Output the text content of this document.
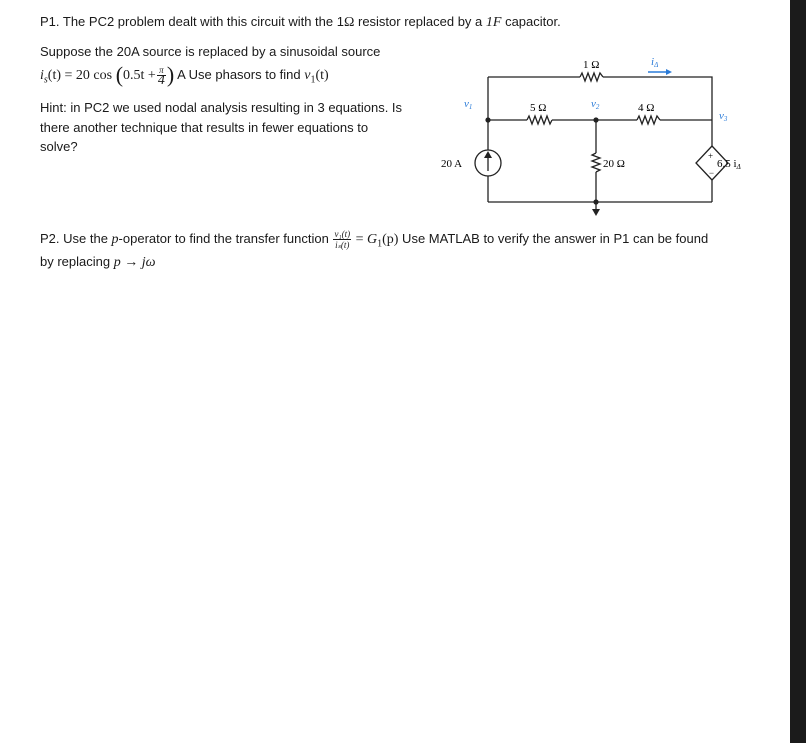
P1. The PC2 problem dealt with this circuit with the 1Ω resistor replaced by a 1F capacitor.
Suppose the 20A source is replaced by a sinusoidal source
$i_s(t) = 20$ $\cos (0.5t + \frac{\pi}{4}$ ) A Use phasors to find $v_1(t)$
Hint: in PC2 we used nodal analysis resulting in 3 equations. Is
there another technique that results in fewer equations to
solve?
1 Ω
5 Ω	4 Ω
20 Ω
20 A
iΔ
v1	v2
v3
6.5 iΔ
+
−
P2. Use the p-operator to find the transfer function $\frac{\text{v₁(t)}}{\text{iₛ(t)}} = G_1(p)$ Use MATLAB to verify the answer in P1 can be found
by replacing p → jω
